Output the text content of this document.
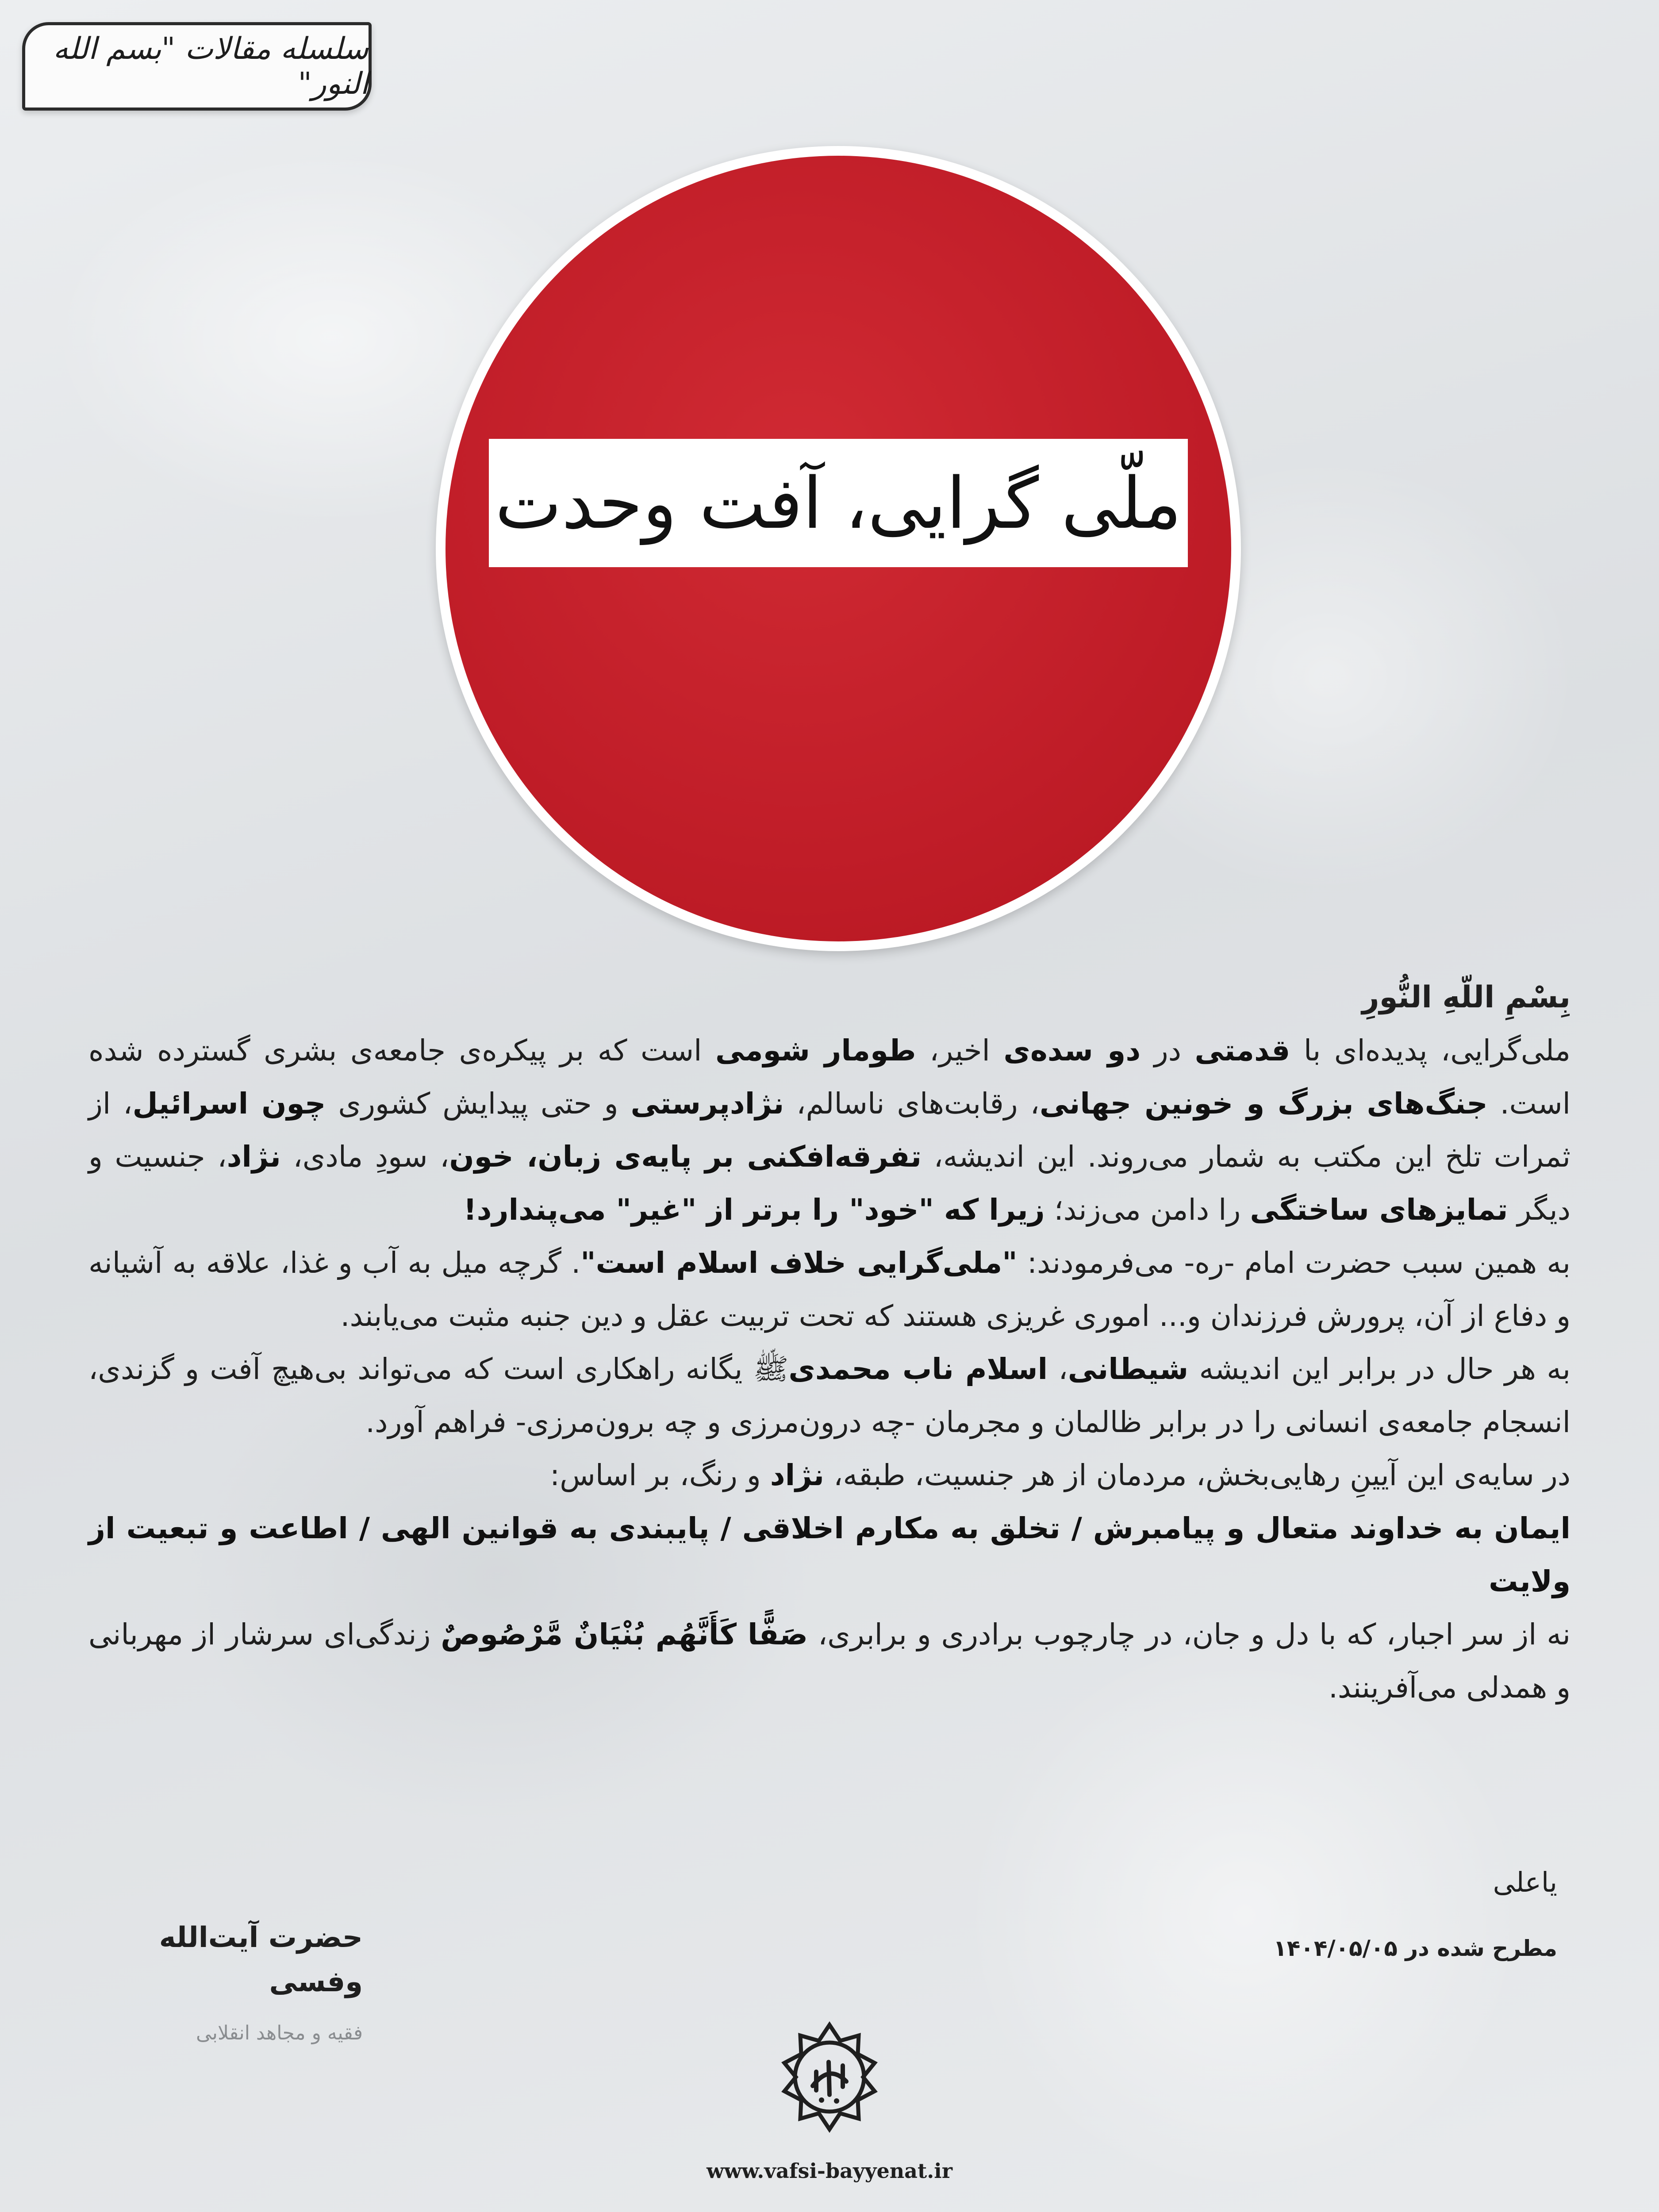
سلسله مقالات "بسم الله النور"
ملّی گرایی، آفت وحدت

بِسْمِ اللّهِ النُّورِ

ملی‌گرایی، پدیده‌ای با قدمتی در دو سده‌ی اخیر، طومار شومی است که بر پیکره‌ی جامعه‌ی بشری گسترده شده است. جنگ‌های بزرگ و خونین جهانی، رقابت‌های ناسالم، نژادپرستی و حتی پیدایش کشوری چون اسرائیل، از ثمرات تلخ این مکتب به شمار می‌روند. این اندیشه، تفرقه‌افکنی بر پایه‌ی زبان، خون، سودِ مادی، نژاد، جنسیت و دیگر تمایزهای ساختگی را دامن می‌زند؛ زیرا که "خود" را برتر از "غیر" می‌پندارد!

به همین سبب حضرت امام -ره- می‌فرمودند: "ملی‌گرایی خلاف اسلام است". گرچه میل به آب و غذا، علاقه به آشیانه و دفاع از آن، پرورش فرزندان و... اموری غریزی هستند که تحت تربیت عقل و دین جنبه مثبت می‌یابند.

به هر حال در برابر این اندیشه شیطانی، اسلام ناب محمدیﷺ یگانه راهکاری است که می‌تواند بی‌هیچ آفت و گزندی، انسجام جامعه‌ی انسانی را در برابر ظالمان و مجرمان -چه درون‌مرزی و چه برون‌مرزی- فراهم آورد.

در سایه‌ی این آیینِ رهایی‌بخش، مردمان از هر جنسیت، طبقه، نژاد و رنگ، بر اساس:

ایمان به خداوند متعال و پیامبرش / تخلق به مکارم اخلاقی / پایبندی به قوانین الهی / اطاعت و تبعیت از ولایت

نه از سر اجبار، که با دل و جان، در چارچوب برادری و برابری، صَفًّا كَأَنَّهُم بُنْيَانٌ مَّرْصُوصٌ زندگی‌ای سرشار از مهربانی و همدلی می‌آفرینند.

یاعلی
مطرح شده در ۱۴۰۴/۰۵/۰۵
حضرت آیت‌الله وفسی
فقیه و مجاهد انقلابی
www.vafsi-bayyenat.ir
